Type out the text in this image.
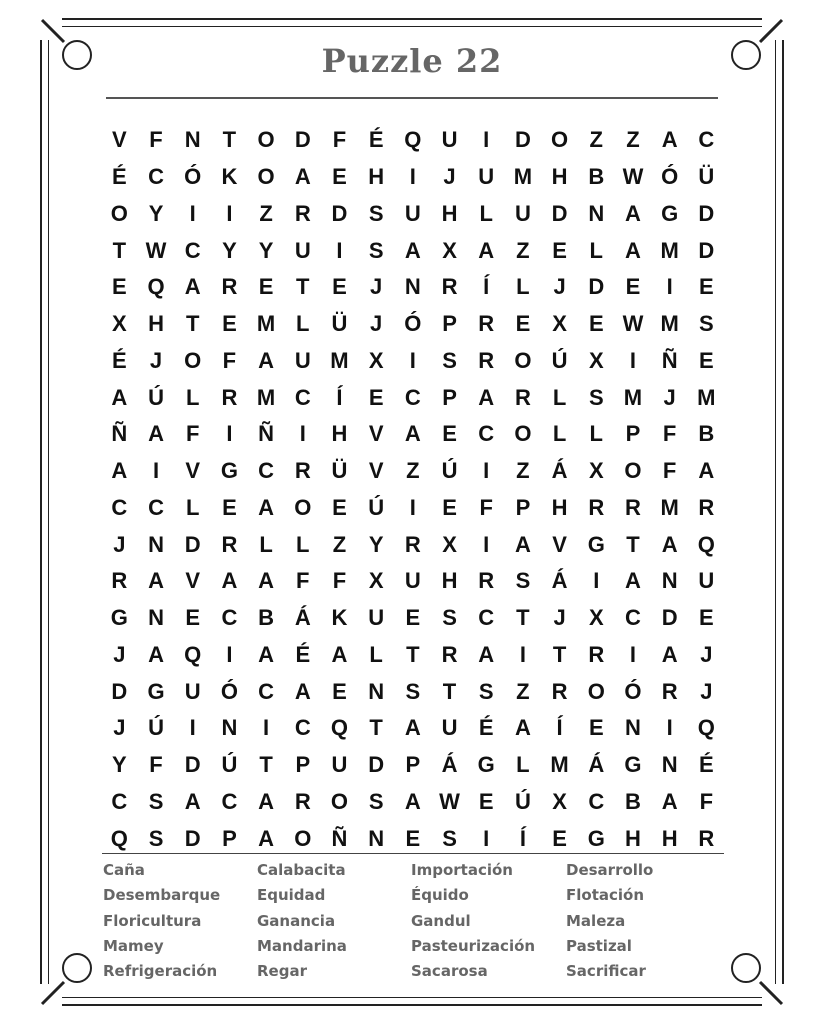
Puzzle 22
V	F	N	T O D	F	É Q U	I	D O Z	Z	A C
É C Ó K O A E H	I	J	U M H B W Ó Ü
O Y	I	I	Z	R D S U H	L	U D N A G D
T W C Y	Y U	I	S A X A	Z	E	L	A M D
E Q A R E	T	E	J	N R	Í	L	J	D E	I	E
X H	T	E M L	Ü	J	Ó P R E	X	E W M S
É	J	O F	A U M X	I	S R O Ú X	I	Ñ E
A Ú	L	R M C	Í	E C P A R	L	S M J M
Ñ A	F	I	Ñ	I	H V A E C O L	L	P	F	B
A	I	V G C R Ü V	Z	Ú	I	Z	Á X O F	A
C C	L	E A O E Ú	I	E	F	P H R R M R
J	N D R	L	L	Z	Y R X	I	A V G T	A Q
R A V A A	F	F	X U H R S Á	I	A N U
G N E C B Á K U E	S C	T	J	X C D E
J	A Q	I	A É A	L	T	R A	I	T	R	I	A	J
D G U Ó C A E N S	T	S	Z	R O Ó R	J
J	Ú	I	N	I	C Q T	A U É A	Í	E N	I	Q
Y	F	D Ú	T	P U D P Á G L M Á G N É
C S A C A R O S A W E Ú X C B A	F
Q S D P A O Ñ N E	S	I	Í	E G H H R
Caña	Calabacita	Importación	Desarrollo
Desembarque	Equidad	Équido	Flotación
Floricultura	Ganancia	Gandul	Maleza
Mamey	Mandarina	Pasteurización	Pastizal
Refrigeración	Regar	Sacarosa	Sacrificar
